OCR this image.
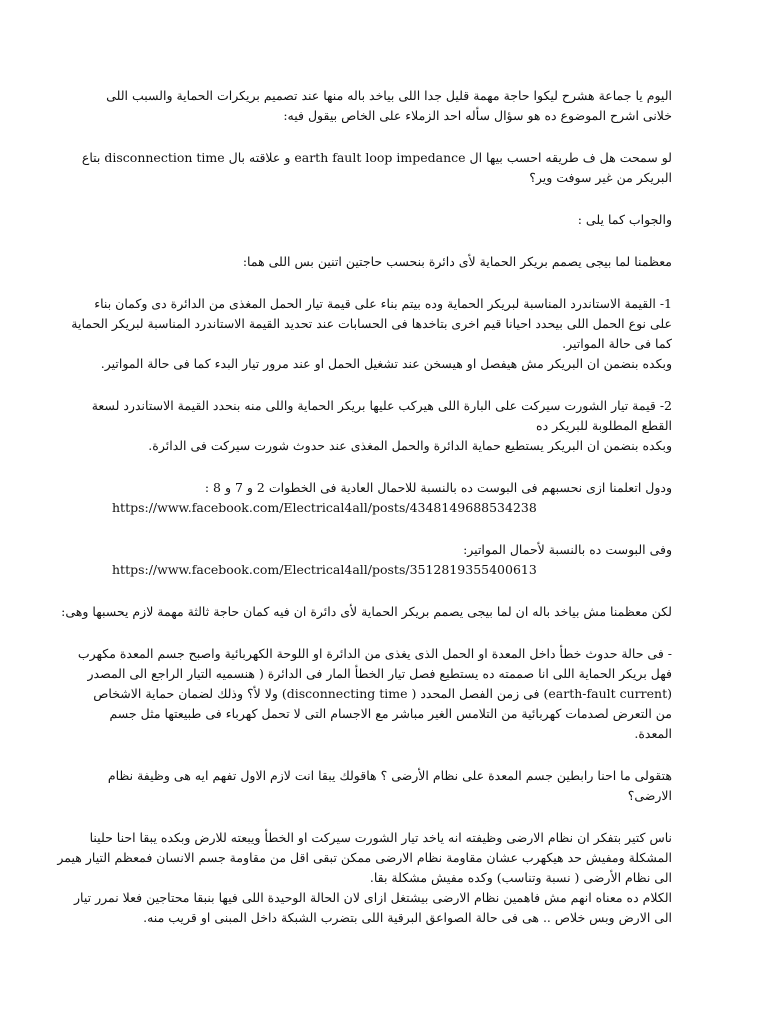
اليوم يا جماعة هشرح ليكوا حاجة مهمة قليل جدا اللى بياخد باله منها عند تصميم بريكرات الحماية والسبب اللى
خلانى اشرح الموضوع ده هو سؤال سأله احد الزملاء على الخاص بيقول فيه:
لو سمحت هل ف طريقه احسب بيها ال earth fault loop impedance و علاقته بال disconnection time بتاع
البريكر من غير سوفت وير؟
والجواب كما يلى :
معظمنا لما بيجى يصمم بريكر الحماية لأى دائرة بنحسب حاجتين اتنين بس اللى هما:
1- القيمة الاستاندرد المناسبة لبريكر الحماية وده بيتم بناء على قيمة تيار الحمل المغذى من الدائرة دى وكمان بناء
على نوع الحمل اللى بيحدد احيانا قيم اخرى بتاخدها فى الحسابات عند تحديد القيمة الاستاندرد المناسبة لبريكر الحماية
كما فى حالة المواتير.
وبكده بنضمن ان البريكر مش هيفصل او هيسخن عند تشغيل الحمل او عند مرور تيار البدء كما فى حالة المواتير.
2- قيمة تيار الشورت سيركت على البارة اللى هيركب عليها بريكر الحماية واللى منه بنحدد القيمة الاستاندرد لسعة
القطع المطلوبة للبريكر ده
وبكده بنضمن ان البريكر يستطيع حماية الدائرة والحمل المغذى عند حدوث شورت سيركت فى الدائرة.
ودول اتعلمنا ازى نحسبهم فى البوست ده بالنسبة للاحمال العادية فى الخطوات 2 و 7 و 8 :
https://www.facebook.com/Electrical4all/posts/4348149688534238
وفى البوست ده بالنسبة لأحمال المواتير:
https://www.facebook.com/Electrical4all/posts/3512819355400613
لكن معظمنا مش بياخد باله ان لما بيجى يصمم بريكر الحماية لأى دائرة ان فيه كمان حاجة ثالثة مهمة لازم يحسبها وهى:
- فى حالة حدوث خطأ داخل المعدة او الحمل الذى يغذى من الدائرة او اللوحة الكهربائية واصبح جسم المعدة مكهرب
فهل بريكر الحماية اللى انا صممته ده يستطيع فصل تيار الخطأ المار فى الدائرة ( هنسميه التيار الراجع الى المصدر
(earth-fault current) فى زمن الفصل المحدد ( disconnecting time) ولا لأ؟ وذلك لضمان حماية الاشخاص
من التعرض لصدمات كهربائية من التلامس الغير مباشر مع الاجسام التى لا تحمل كهرباء فى طبيعتها مثل جسم
المعدة.
هتقولى ما احنا رابطين جسم المعدة على نظام الأرضى ؟ هاقولك يبقا انت لازم الاول تفهم ايه هى وظيفة نظام
الارضى؟
ناس كتير بتفكر ان نظام الارضى وظيفته انه ياخد تيار الشورت سيركت او الخطأ ويبعته للارض وبكده يبقا احنا حلينا
المشكلة ومفيش حد هيكهرب عشان مقاومة نظام الارضى ممكن تبقى اقل من مقاومة جسم الانسان فمعظم التيار هيمر
الى نظام الأرضى ( نسبة وتناسب) وكده مفيش مشكلة بقا.
الكلام ده معناه انهم مش فاهمين نظام الارضى بيشتغل ازاى لان الحالة الوحيدة اللى فيها بنبقا محتاجين فعلا نمرر تيار
الى الارض وبس خلاص .. هى فى حالة الصواعق البرقية اللى بتضرب الشبكة داخل المبنى او قريب منه.
